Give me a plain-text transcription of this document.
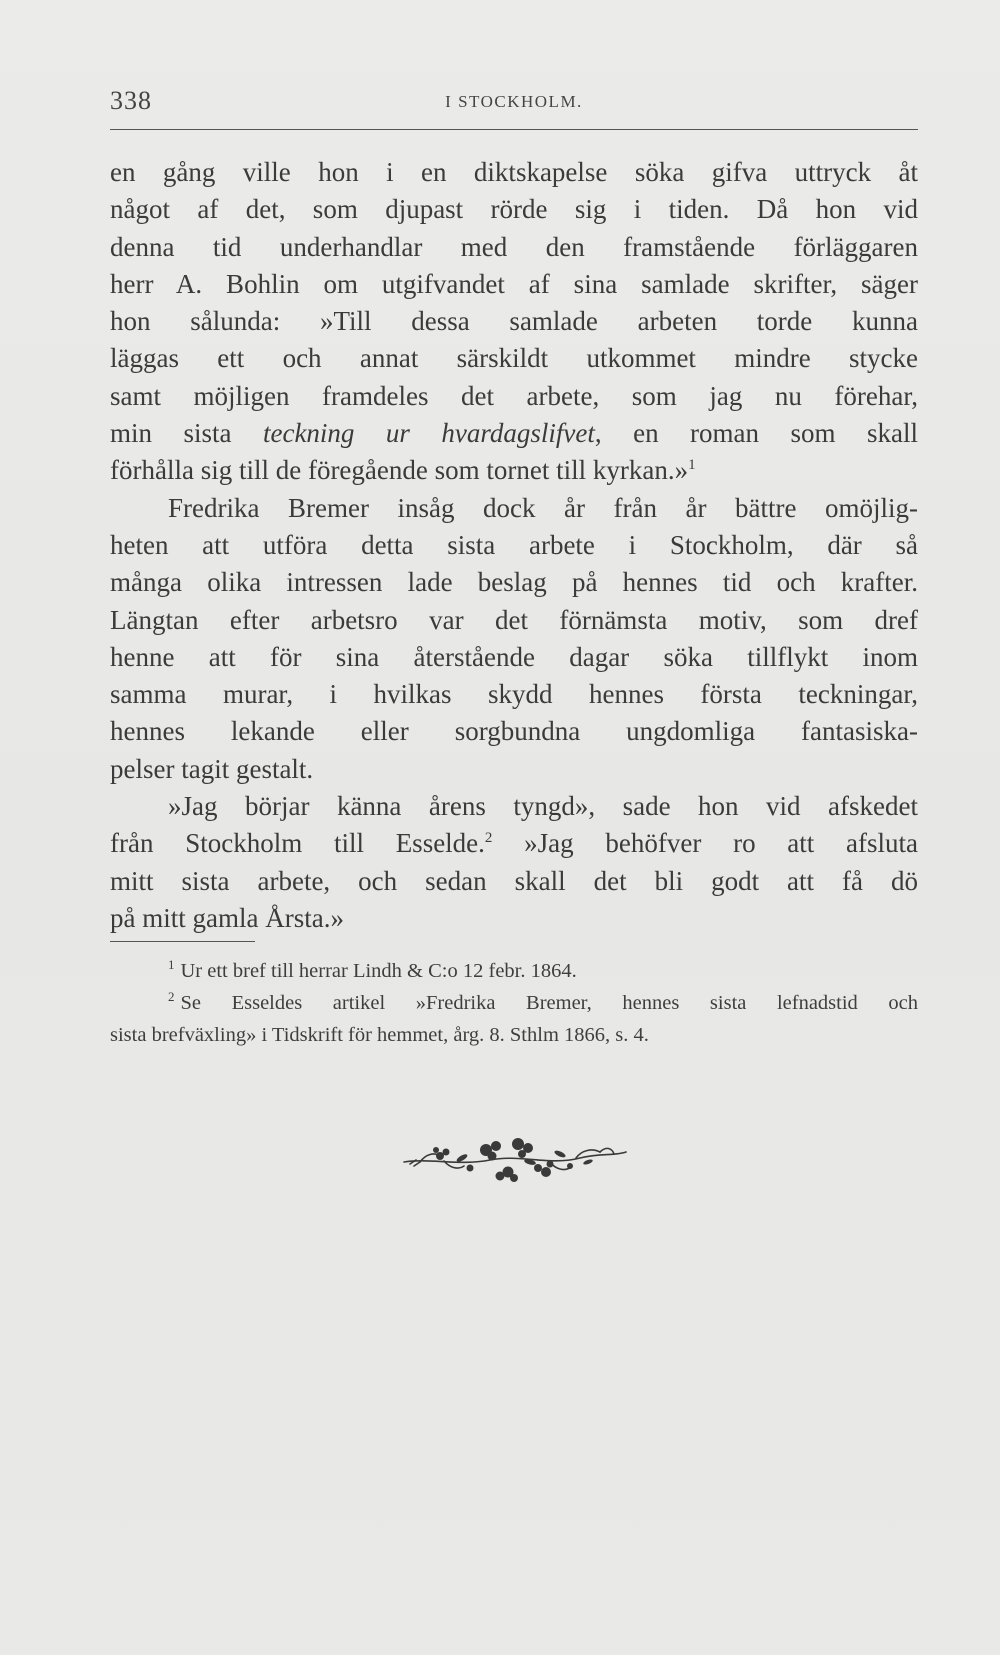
338	I STOCKHOLM.
en gång ville hon i en diktskapelse söka gifva uttryck åt
något af det, som djupast rörde sig i tiden. Då hon vid
denna tid underhandlar med den framstående förläggaren
herr A. Bohlin om utgifvandet af sina samlade skrifter, säger
hon sålunda: »Till dessa samlade arbeten torde kunna
läggas ett och annat särskildt utkommet mindre stycke
samt möjligen framdeles det arbete, som jag nu förehar,
min sista teckning ur hvardagslifvet, en roman som skall
förhålla sig till de föregående som tornet till kyrkan.»$^1$
Fredrika Bremer insåg dock år från år bättre omöjlig-
heten att utföra detta sista arbete i Stockholm, där så
många olika intressen lade beslag på hennes tid och krafter.
Längtan efter arbetsro var det förnämsta motiv, som dref
henne att för sina återstående dagar söka tillflykt inom
samma murar, i hvilkas skydd hennes första teckningar,
hennes lekande eller sorgbundna ungdomliga fantasiska-
pelser tagit gestalt.
»Jag börjar känna årens tyngd», sade hon vid afskedet
från Stockholm till Esselde.$^2$ »Jag behöfver ro att afsluta
mitt sista arbete, och sedan skall det bli godt att få dö
på mitt gamla Årsta.»
$^1$ Ur ett bref till herrar Lindh & C:o 12 febr. 1864.
$^2$ Se Esseldes artikel »Fredrika Bremer, hennes sista lefnadstid och
sista brefväxling» i Tidskrift för hemmet, årg. 8. Sthlm 1866, s. 4.
